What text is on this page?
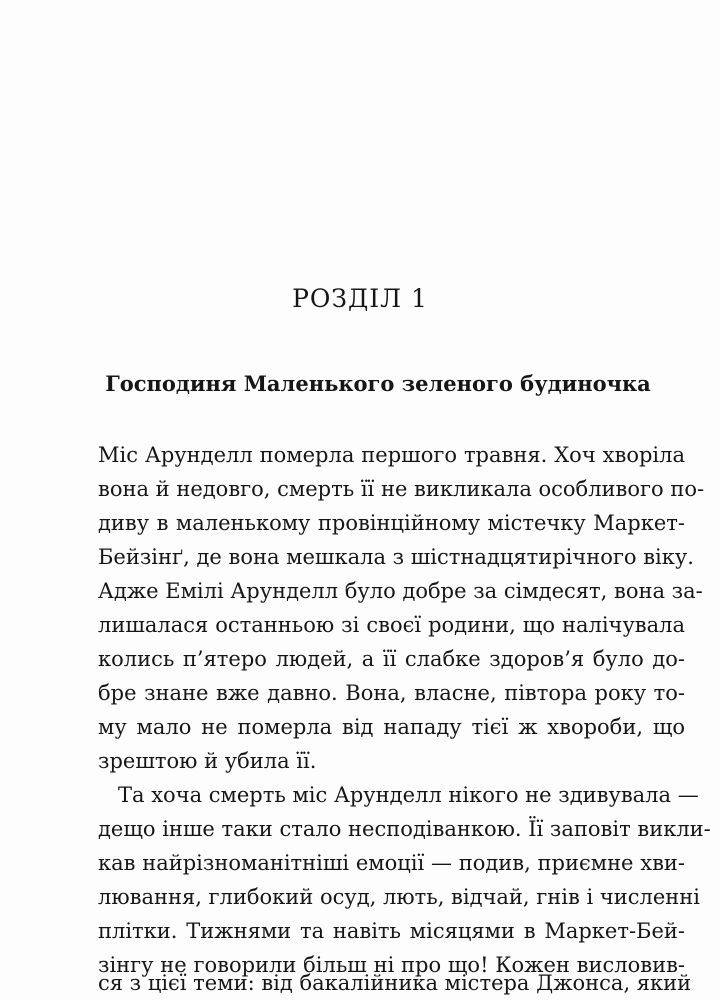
РОЗДІЛ 1
Господиня Маленького зеленого будиночка
Міс Арунделл померла першого травня. Хоч хворіла
вона й недовго, смерть її не викликала особливого по-
диву в маленькому провінційному містечку Маркет-
Бейзінґ, де вона мешкала з шістнадцятирічного віку.
Адже Емілі Арунделл було добре за сімдесят, вона за-
лишалася останньою зі своєї родини, що налічувала
колись п’ятеро людей, а її слабке здоров’я було до-
бре знане вже давно. Вона, власне, півтора року то-
му мало не померла від нападу тієї ж хвороби, що
зрештою й убила її.
Та хоча смерть міс Арунделл нікого не здивувала —
дещо інше таки стало несподіванкою. Її заповіт викли-
кав найрізноманітніші емоції — подив, приємне хви-
лювання, глибокий осуд, лють, відчай, гнів і численні
плітки. Тижнями та навіть місяцями в Маркет-Бей-
зінгу не говорили більш ні про що! Кожен висловив-
ся з цієї теми: від бакалійника містера Джонса, який
